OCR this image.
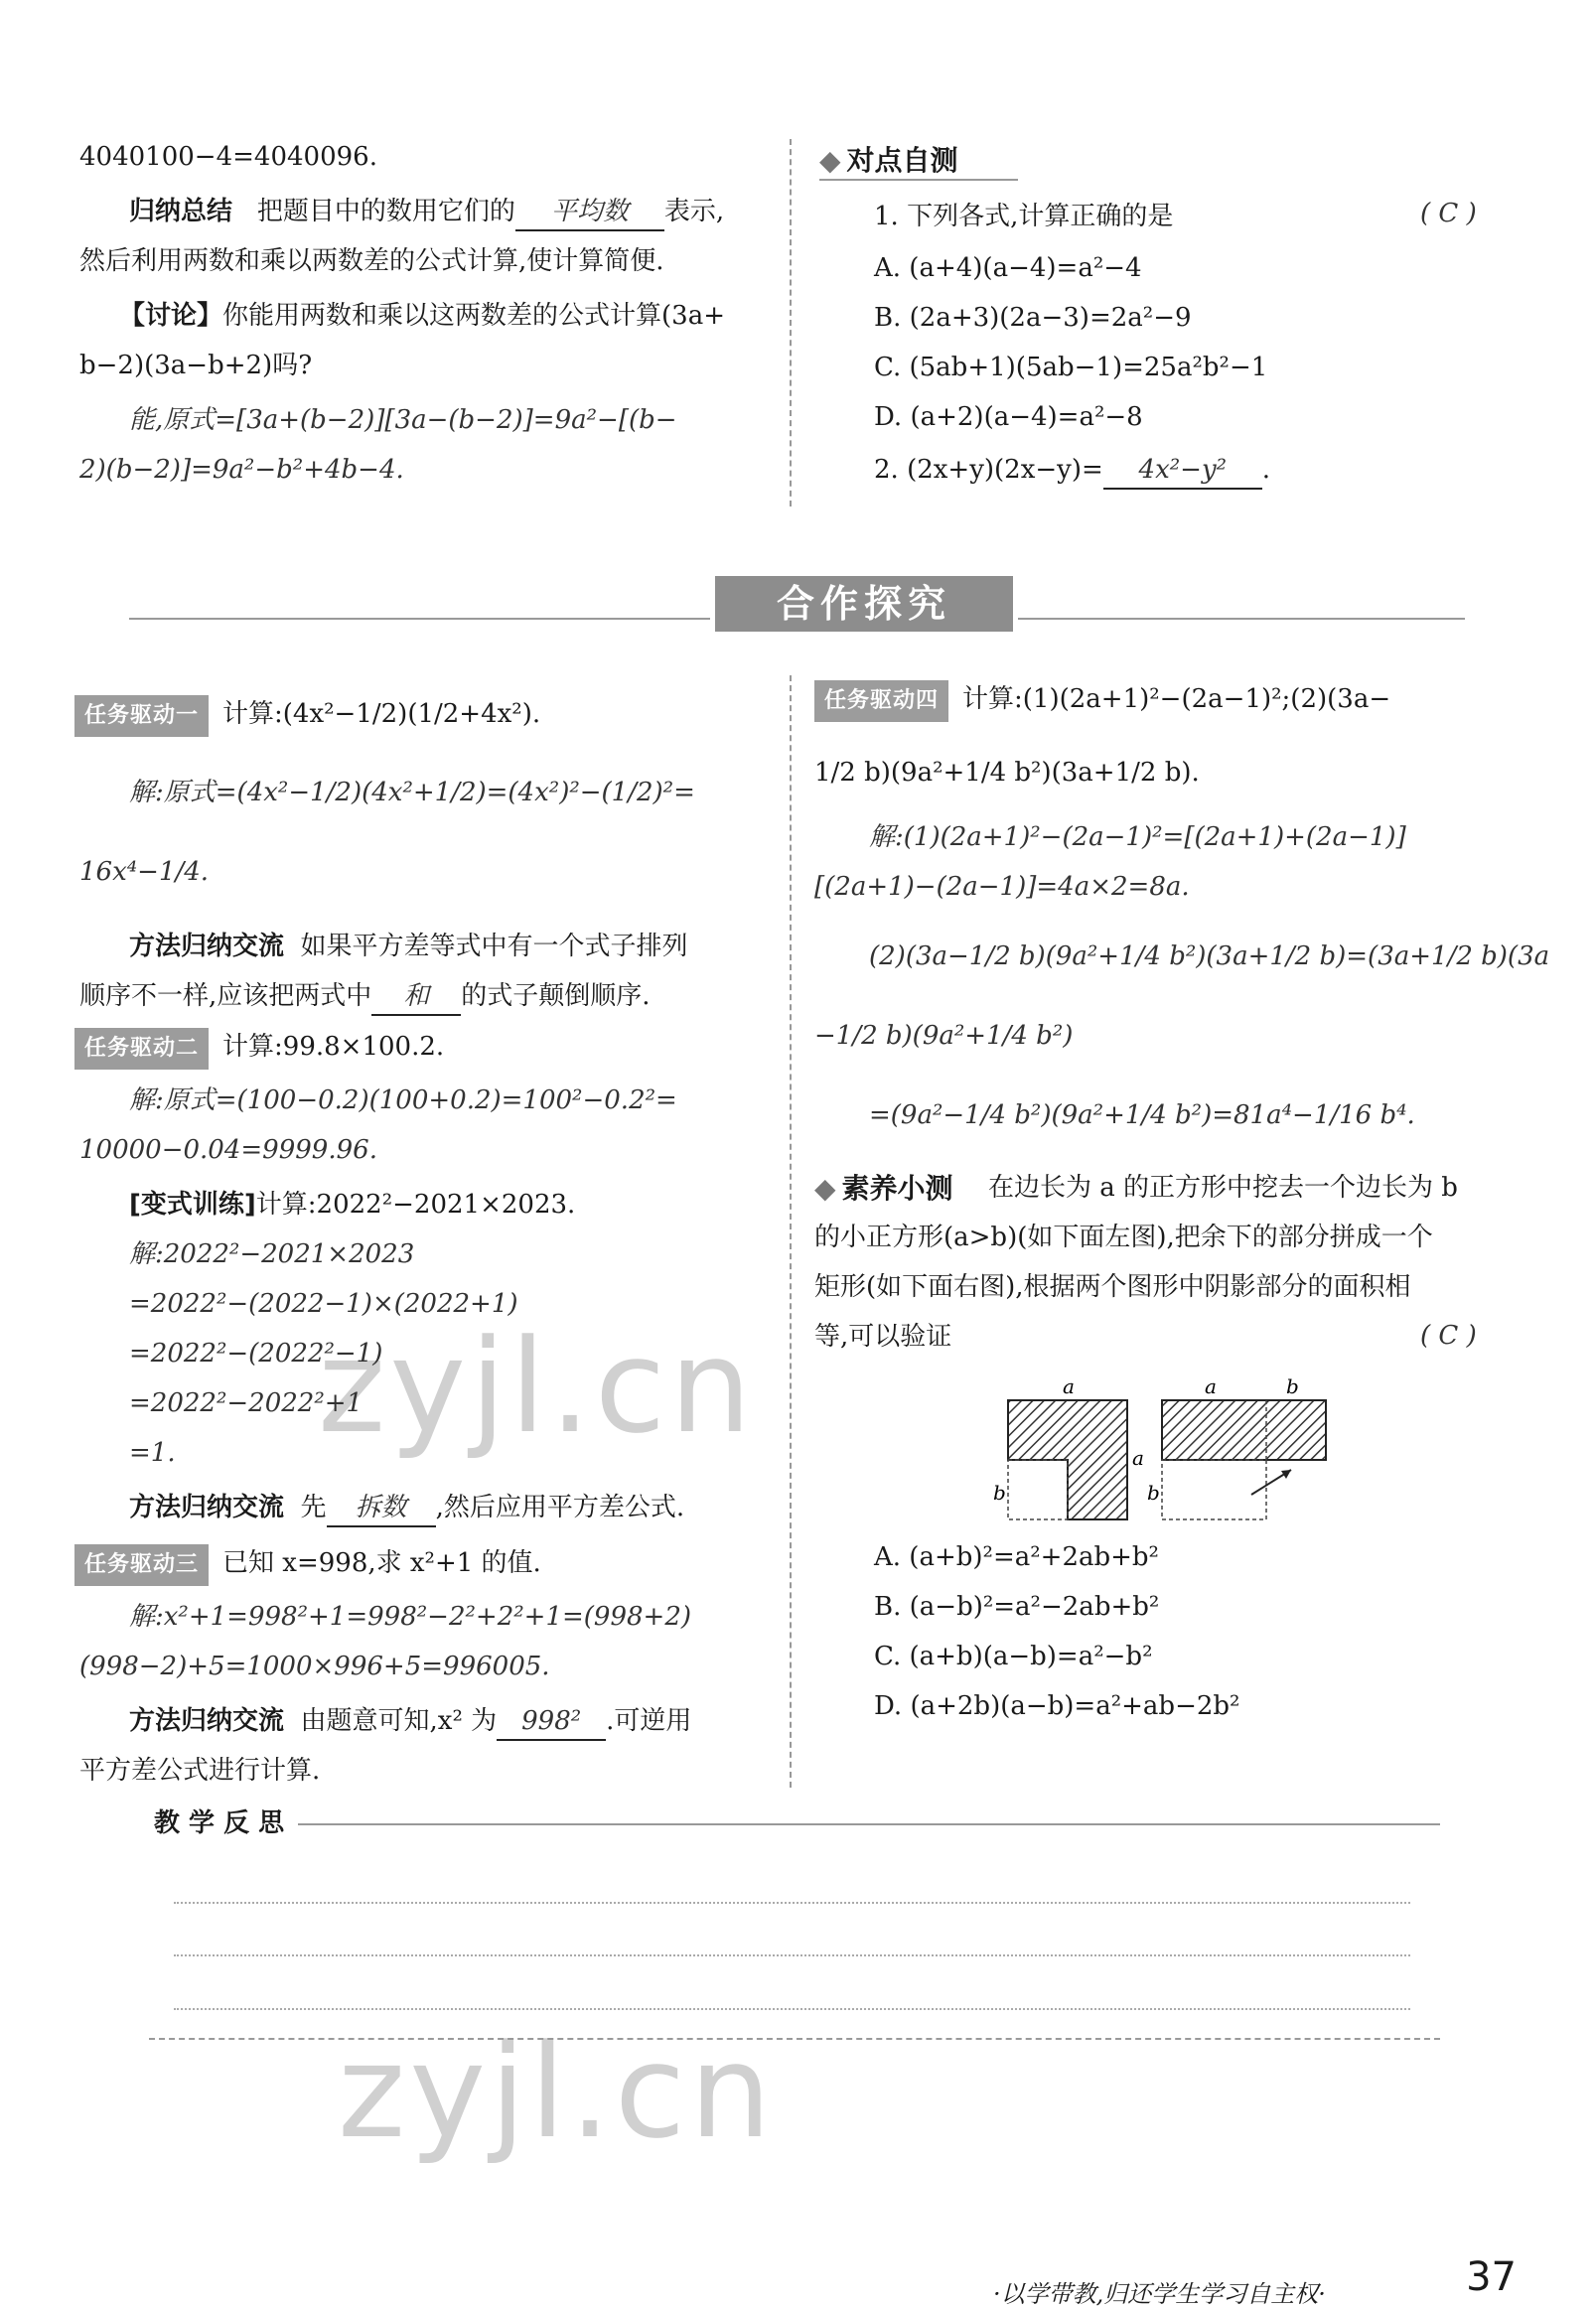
zyjl.cn
zyjl.cn
4040100−4=4040096.
归纳总结 把题目中的数用它们的 平均数 表示,
然后利用两数和乘以两数差的公式计算,使计算简便.
【讨论】你能用两数和乘以这两数差的公式计算(3a+
b−2)(3a−b+2)吗?
能,原式=[3a+(b−2)][3a−(b−2)]=9a²−[(b−
2)(b−2)]=9a²−b²+4b−4.
◆ 对点自测
1. 下列各式,计算正确的是	( C )
A. (a+4)(a−4)=a²−4
B. (2a+3)(2a−3)=2a²−9
C. (5ab+1)(5ab−1)=25a²b²−1
D. (a+2)(a−4)=a²−8
2. (2x+y)(2x−y)= 4x²−y² .
合作探究
任务驱动一 计算:(4x²−1/2)(1/2+4x²).
解:原式=(4x²−1/2)(4x²+1/2)=(4x²)²−(1/2)²=
16x⁴−1/4.
方法归纳交流 如果平方差等式中有一个式子排列
顺序不一样,应该把两式中 和 的式子颠倒顺序.
任务驱动二 计算:99.8×100.2.
解:原式=(100−0.2)(100+0.2)=100²−0.2²=
10000−0.04=9999.96.
[变式训练]计算:2022²−2021×2023.
解:2022²−2021×2023
=2022²−(2022−1)×(2022+1)
=2022²−(2022²−1)
=2022²−2022²+1
=1.
方法归纳交流 先 拆数 ,然后应用平方差公式.
任务驱动三 已知 x=998,求 x²+1 的值.
解:x²+1=998²+1=998²−2²+2²+1=(998+2)
(998−2)+5=1000×996+5=996005.
方法归纳交流 由题意可知,x² 为 998² .可逆用
平方差公式进行计算.
任务驱动四 计算:(1)(2a+1)²−(2a−1)²;(2)(3a−
1/2 b)(9a²+1/4 b²)(3a+1/2 b).
解:(1)(2a+1)²−(2a−1)²=[(2a+1)+(2a−1)]
[(2a+1)−(2a−1)]=4a×2=8a.
(2)(3a−1/2 b)(9a²+1/4 b²)(3a+1/2 b)=(3a+1/2 b)(3a
−1/2 b)(9a²+1/4 b²)
=(9a²−1/4 b²)(9a²+1/4 b²)=81a⁴−1/16 b⁴.
◆ 素养小测 在边长为 a 的正方形中挖去一个边长为 b
的小正方形(a>b)(如下面左图),把余下的部分拼成一个
矩形(如下面右图),根据两个图形中阴影部分的面积相
等,可以验证	( C )
a
a
b
a	b
b
A. (a+b)²=a²+2ab+b²
B. (a−b)²=a²−2ab+b²
C. (a+b)(a−b)=a²−b²
D. (a+2b)(a−b)=a²+ab−2b²
教 学 反 思
·以学带教,归还学生学习自主权·	37
